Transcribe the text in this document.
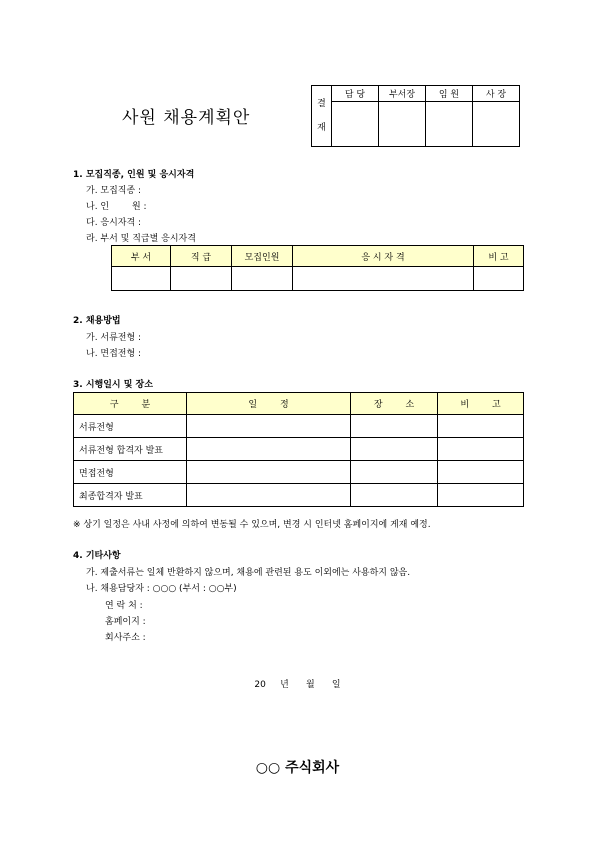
사원 채용계획안
결
재	담 당	부서장	임 원	사 장

1. 모집직종, 인원 및 응시자격
가. 모집직종 :
나. 인        원 :
다. 응시자격 :
라. 부서 및 직급별 응시자격
부 서	직 급	모집인원	응 시 자 격	비 고

2. 채용방법
가. 서류전형 :
나. 면접전형 :
3. 시행일시 및 장소
구        분	일        정	장        소	비        고
서류전형			
서류전형 합격자 발표			
면접전형			
최종합격자 발표			
※ 상기 일정은 사내 사정에 의하여 변동될 수 있으며, 변경 시 인터넷 홈페이지에 게재 예정.
4. 기타사항
가. 제출서류는 일체 반환하지 않으며, 채용에 관련된 용도 이외에는 사용하지 않음.
나. 채용담당자 : ○○○ (부서 : ○○부)
연 락 처 :
홈페이지 :
회사주소 :
20     년      월      일
○○ 주식회사
